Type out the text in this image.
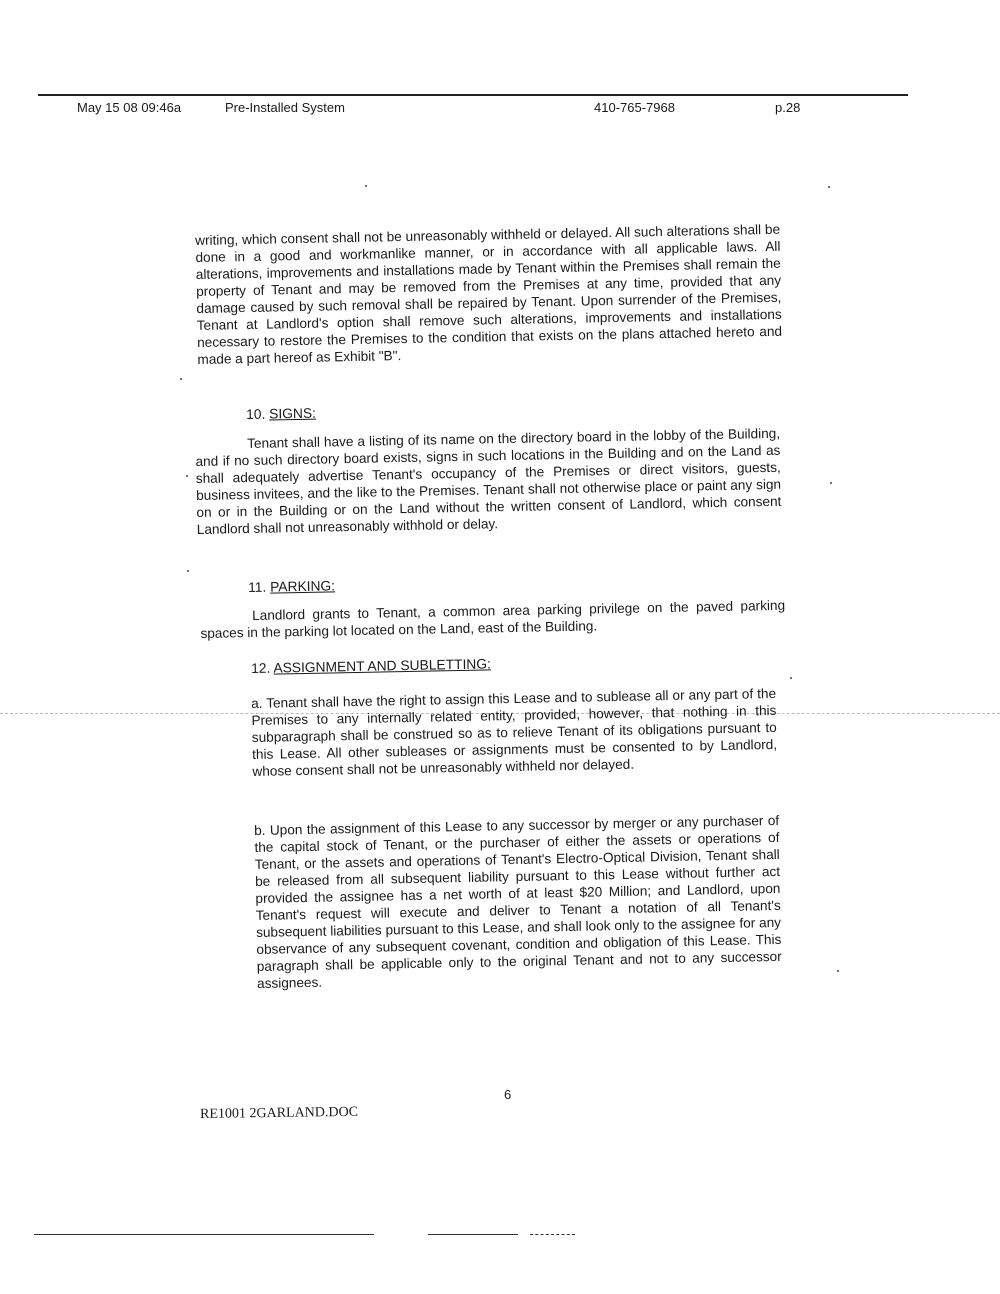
May 15 08 09:46a	Pre-Installed System	410-765-7968	p.28
writing, which consent shall not be unreasonably withheld or delayed. All such alterations shall be done in a good and workmanlike manner, or in accordance with all applicable laws. All alterations, improvements and installations made by Tenant within the Premises shall remain the property of Tenant and may be removed from the Premises at any time, provided that any damage caused by such removal shall be repaired by Tenant. Upon surrender of the Premises, Tenant at Landlord's option shall remove such alterations, improvements and installations necessary to restore the Premises to the condition that exists on the plans attached hereto and made a part hereof as Exhibit "B".
10. SIGNS:
Tenant shall have a listing of its name on the directory board in the lobby of the Building, and if no such directory board exists, signs in such locations in the Building and on the Land as shall adequately advertise Tenant's occupancy of the Premises or direct visitors, guests, business invitees, and the like to the Premises. Tenant shall not otherwise place or paint any sign on or in the Building or on the Land without the written consent of Landlord, which consent Landlord shall not unreasonably withhold or delay.
11. PARKING:
Landlord grants to Tenant, a common area parking privilege on the paved parking spaces in the parking lot located on the Land, east of the Building.
12. ASSIGNMENT AND SUBLETTING:
a. Tenant shall have the right to assign this Lease and to sublease all or any part of the Premises to any internally related entity, provided, however, that nothing in this subparagraph shall be construed so as to relieve Tenant of its obligations pursuant to this Lease. All other subleases or assignments must be consented to by Landlord, whose consent shall not be unreasonably withheld nor delayed.
b. Upon the assignment of this Lease to any successor by merger or any purchaser of the capital stock of Tenant, or the purchaser of either the assets or operations of Tenant, or the assets and operations of Tenant's Electro-Optical Division, Tenant shall be released from all subsequent liability pursuant to this Lease without further act provided the assignee has a net worth of at least $20 Million; and Landlord, upon Tenant's request will execute and deliver to Tenant a notation of all Tenant's subsequent liabilities pursuant to this Lease, and shall look only to the assignee for any observance of any subsequent covenant, condition and obligation of this Lease. This paragraph shall be applicable only to the original Tenant and not to any successor assignees.
6
RE1001 2GARLAND.DOC
